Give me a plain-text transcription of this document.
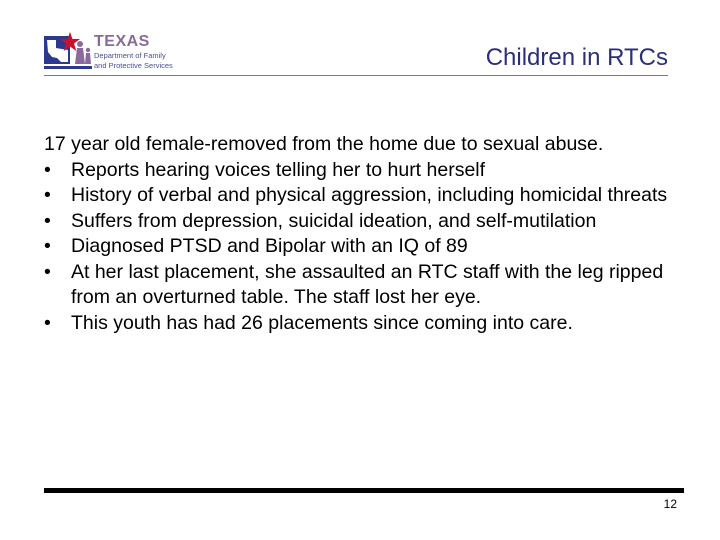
TEXAS
Department of Family
and Protective Services	Children in RTCs

17 year old female-removed from the home due to sexual abuse.

• Reports hearing voices telling her to hurt herself
• History of verbal and physical aggression, including homicidal threats
• Suffers from depression, suicidal ideation, and self-mutilation
• Diagnosed PTSD and Bipolar with an IQ of 89
• At her last placement, she assaulted an RTC staff with the leg ripped from an overturned table. The staff lost her eye.
• This youth has had 26 placements since coming into care.
12
